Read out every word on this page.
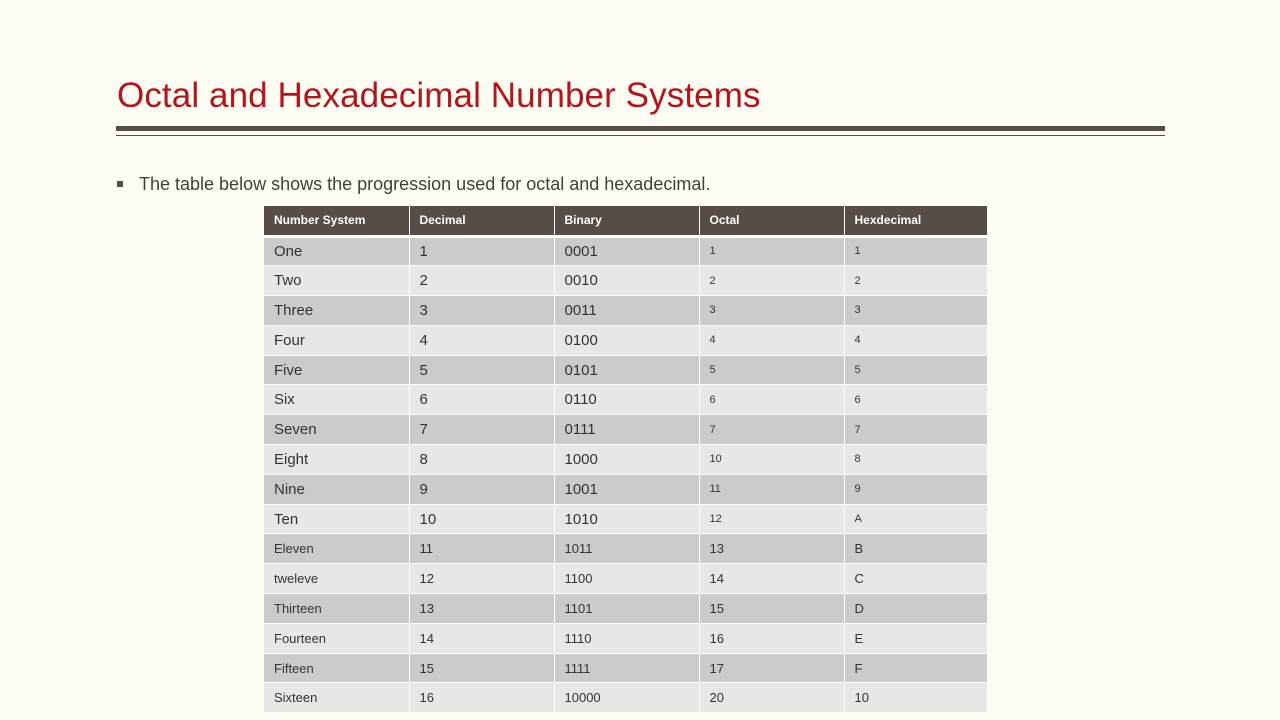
Octal and Hexadecimal Number Systems
The table below shows the progression used for octal and hexadecimal.
Number System	Decimal	Binary	Octal	Hexdecimal
One	1	0001	1	1
Two	2	0010	2	2
Three	3	0011	3	3
Four	4	0100	4	4
Five	5	0101	5	5
Six	6	0110	6	6
Seven	7	0111	7	7
Eight	8	1000	10	8
Nine	9	1001	11	9
Ten	10	1010	12	A
Eleven	11	1011	13	B
tweleve	12	1100	14	C
Thirteen	13	1101	15	D
Fourteen	14	1110	16	E
Fifteen	15	1111	17	F
Sixteen	16	10000	20	10
